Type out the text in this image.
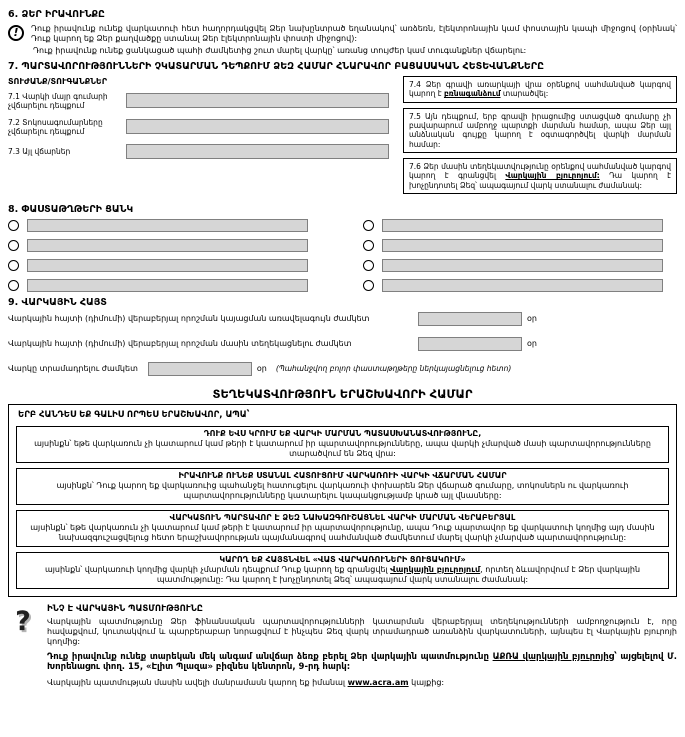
6. ՁԵՐ ԻՐԱՎՈՒՆՔԸ
!	Դուք իրավունք ունեք վարկատուի հետ հաղորդակցվել Ձեր նախընտրած եղանակով՝ առձեռն, էլեկտրոնային կամ փոստային կապի միջոցով (օրինակ՝ Դուք կարող եք Ձեր քաղվածքը ստանալ Ձեր էլեկտրոնային փոստի միջոցով):
Դուք իրավունք ունեք ցանկացած պահի ժամկետից շուտ մարել վարկը՝ առանց տույժեր կամ տուգանքներ վճարելու:
7. ՊԱՐՏԱՎՈՐՈՒԹՅՈՒՆՆԵՐԻ ՉԿԱՏԱՐՄԱՆ ԴԵՊՔՈՒՄ ՁԵԶ ՀԱՄԱՐ ՀՆԱՐԱՎՈՐ ԲԱՑԱՍԱԿԱՆ ՀԵՏԵՎԱՆՔՆԵՐԸ
ՏՈՒԺԱՆՔ/ՏՈՒԳԱՆՔՆԵՐ
7.1 Վարկի մայր գումարի չվճարելու դեպքում
7.2 Տոկոսագումարները չվճարելու դեպքում
7.3 Այլ վճարներ
7.4 Ձեր գրավի առարկայի վրա օրենքով սահմանված կարգով կարող է բռնագանձում տարածվել:
7.5 Այն դեպքում, երբ գրավի իրացումից ստացված գումարը չի բավարարում ամբողջ պարտքի մարման համար, ապա Ձեր այլ անձնական գույքը կարող է օգտագործվել վարկի մարման համար:
7.6 Ձեր մասին տեղեկատվությունը օրենքով սահմանված կարգով կարող է գրանցվել Վարկային բյուրոյում: Դա կարող է խոչընդոտել Ձեզ՝ ապագայում վարկ ստանալու ժամանակ:
8. ՓԱՍՏԱԹՂԹԵՐԻ ՑԱՆԿ
9. ՎԱՐԿԱՅԻՆ ՀԱՅՏ
Վարկային հայտի (դիմումի) վերաբերյալ որոշման կայացման առավելագույն ժամկետ	օր
Վարկային հայտի (դիմումի) վերաբերյալ որոշման մասին տեղեկացնելու ժամկետ	օր
Վարկը տրամադրելու ժամկետ	օր (Պահանջվող բոլոր փաստաթղթերը ներկայացնելուց հետո)
ՏԵՂԵԿԱՏՎՈՒԹՅՈՒՆ ԵՐԱՇԽԱՎՈՐԻ ՀԱՄԱՐ
ԵՐԲ ՀԱՆԴԵՍ ԵՔ ԳԱԼԻՍ ՈՐՊԵՍ ԵՐԱՇԽԱՎՈՐ, ԱՊԱ՝
ԴՈՒՔ ԵՎՍ ԿՐՈՒՄ ԵՔ ՎԱՐԿԻ ՄԱՐՄԱՆ ՊԱՏԱՍԽԱՆԱՏՎՈՒԹՅՈՒՆԸ,
այսինքն՝ եթե վարկառուն չի կատարում կամ թերի է կատարում իր պարտավորությունները, ապա վարկի չմարված մասի պարտավորությունները տարածվում են Ձեզ վրա:
ԻՐԱՎՈՒՆՔ ՈՒՆԵՔ ՍՏԱՆԱԼ ՀԱՏՈՒՑՈՒՄ ՎԱՐԿԱՌՈՒԻ ՎԱՐԿԻ ՎՃԱՐՄԱՆ ՀԱՄԱՐ
այսինքն՝ Դուք կարող եք վարկառուից պահանջել հատուցելու վարկառուի փոխարեն Ձեր վճարած գումարը, տոկոսներն ու վարկառուի պարտավորությունները կատարելու կապակցությամբ կրած այլ վնասները:
ՎԱՐԿԱՏՈՒՆ ՊԱՐՏԱՎՈՐ Է ՁԵԶ ՆԱԽԱԶԳՈՒՇԱՑՆԵԼ ՎԱՐԿԻ ՄԱՐՄԱՆ ՎԵՐԱԲԵՐՅԱԼ
այսինքն՝ եթե վարկառուն չի կատարում կամ թերի է կատարում իր պարտավորությունը, ապա Դուք պարտավոր եք վարկատուի կողմից այդ մասին նախազգուշացվելուց հետո երաշխավորության պայմանագրով սահմանված ժամկետում մարել վարկի չմարված պարտավորությունը:
ԿԱՐՈՂ ԵՔ ՀԱՅՏՆՎԵԼ «ՎԱՏ ՎԱՐԿԱՌՈՒՆԵՐԻ ՑՈՒՑԱԿՈՒՄ»
այսինքն՝ վարկառուի կողմից վարկի չմարման դեպքում Դուք կարող եք գրանցվել Վարկային բյուրոյում, որտեղ ձևավորվում է Ձեր վարկային պատմությունը: Դա կարող է խոչընդոտել Ձեզ՝ ապագայում վարկ ստանալու ժամանակ:
?	ԻՆՉ Է ՎԱՐԿԱՅԻՆ ՊԱՏՄՈՒԹՅՈՒՆԸ
Վարկային պատմությունը Ձեր ֆինանսական պարտավորությունների կատարման վերաբերյալ տեղեկությունների ամբողջություն է, որը հավաքվում, կուտակվում և պարբերաբար նորացվում է ինչպես Ձեզ վարկ տրամադրած առանձին վարկատուների, այնպես էլ Վարկային բյուրոյի կողմից:
Դուք իրավունք ունեք տարեկան մեկ անգամ անվճար ձեռք բերել Ձեր վարկային պատմությունը ԱՔՌԱ վարկային բյուրոյից՝ այցելելով Մ. Խորենացու փող. 15, «Էլիտ Պլազա» բիզնես կենտրոն, 9-րդ հարկ:
Վարկային պատմության մասին ավելի մանրամասն կարող եք իմանալ www.acra.am կայքից:
